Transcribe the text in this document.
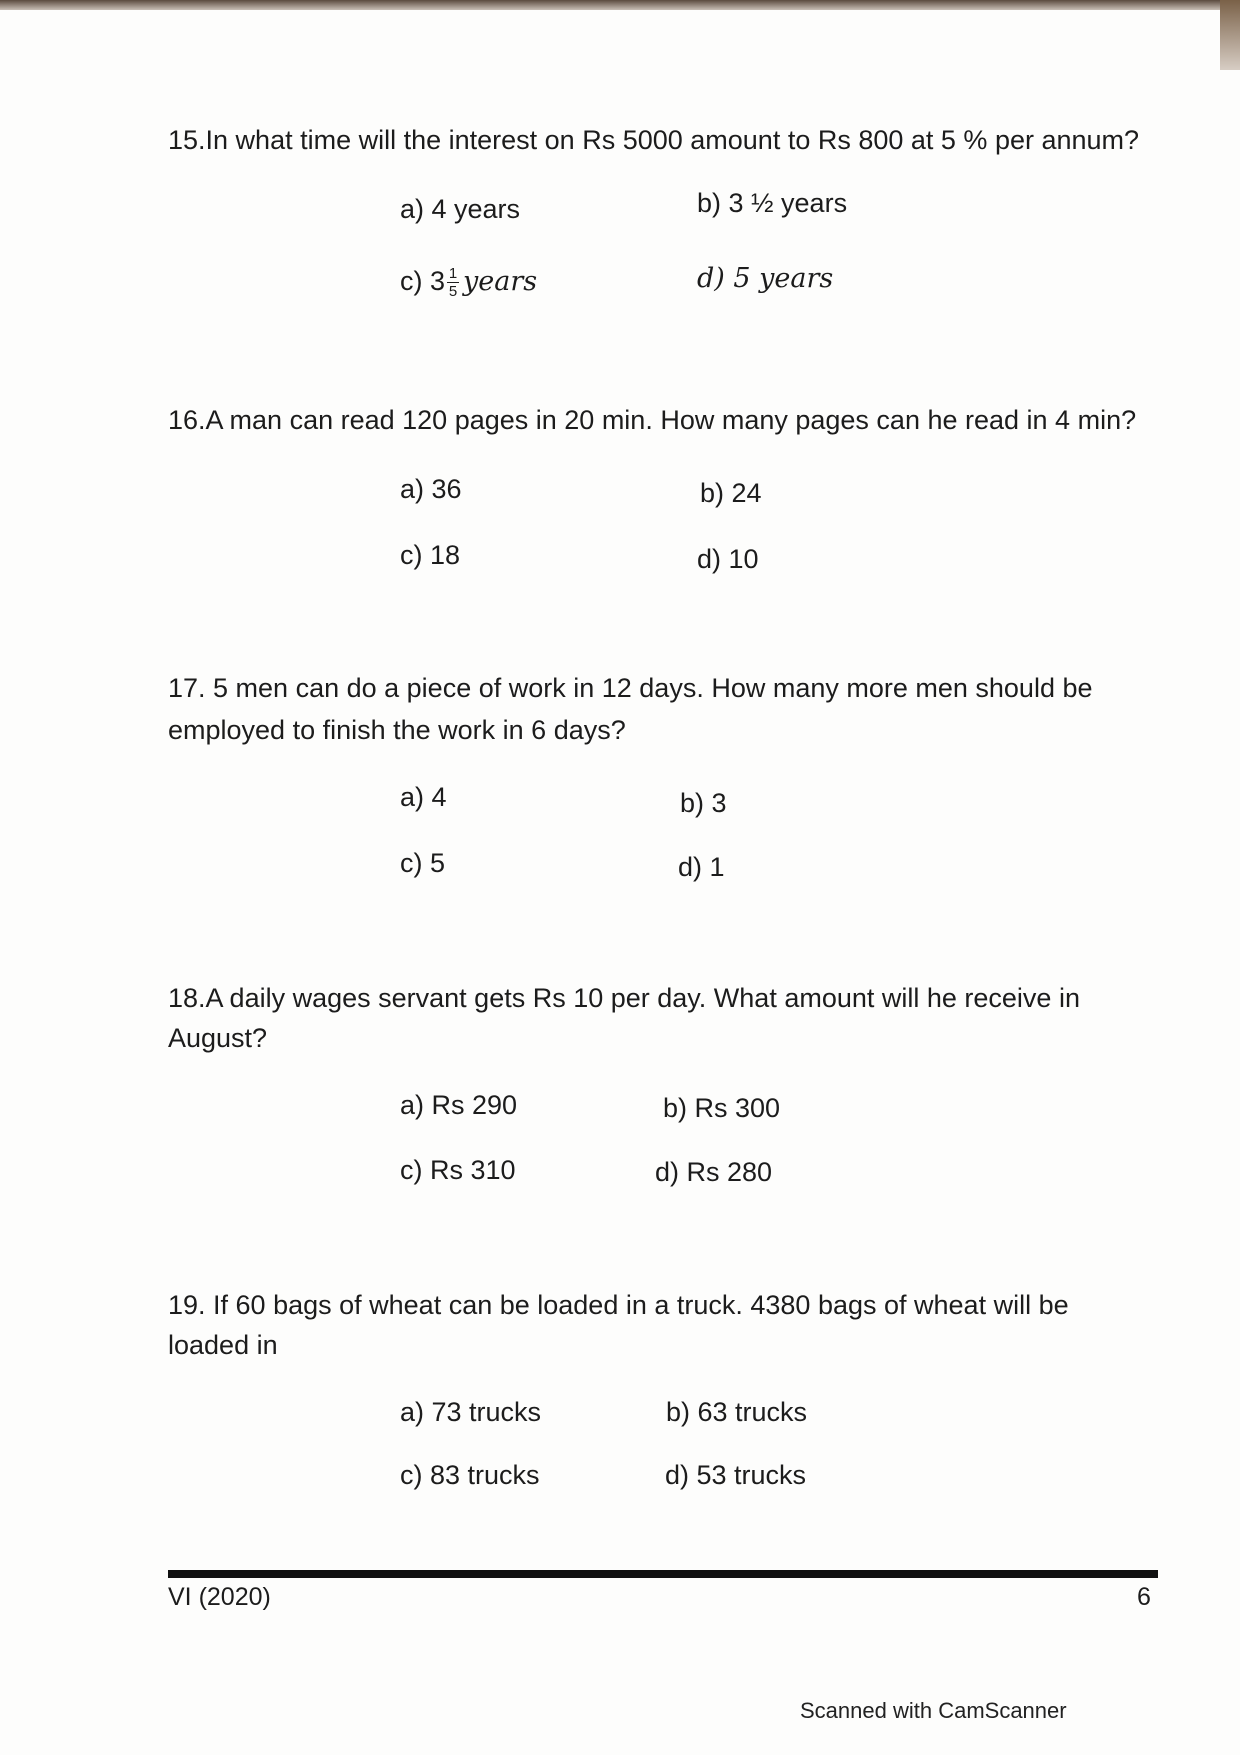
15.In what time will the interest on Rs 5000 amount to Rs 800 at 5 % per annum?
a) 4 years	b) 3 ½ years
c) $3 \frac{1}{5}$ years	d) 5 years
16.A man can read 120 pages in 20 min. How many pages can he read in 4 min?
a) 36	b) 24
c) 18	d) 10
17. 5 men can do a piece of work in 12 days. How many more men should be
employed to finish the work in 6 days?
a) 4	b) 3
c) 5	d) 1
18.A daily wages servant gets Rs 10 per day. What amount will he receive in
August?
a) Rs 290	b) Rs 300
c) Rs 310	d) Rs 280
19. If 60 bags of wheat can be loaded in a truck. 4380 bags of wheat will be
loaded in
a) 73 trucks	b) 63 trucks
c) 83 trucks	d) 53 trucks
VI (2020)	6
Scanned with CamScanner
